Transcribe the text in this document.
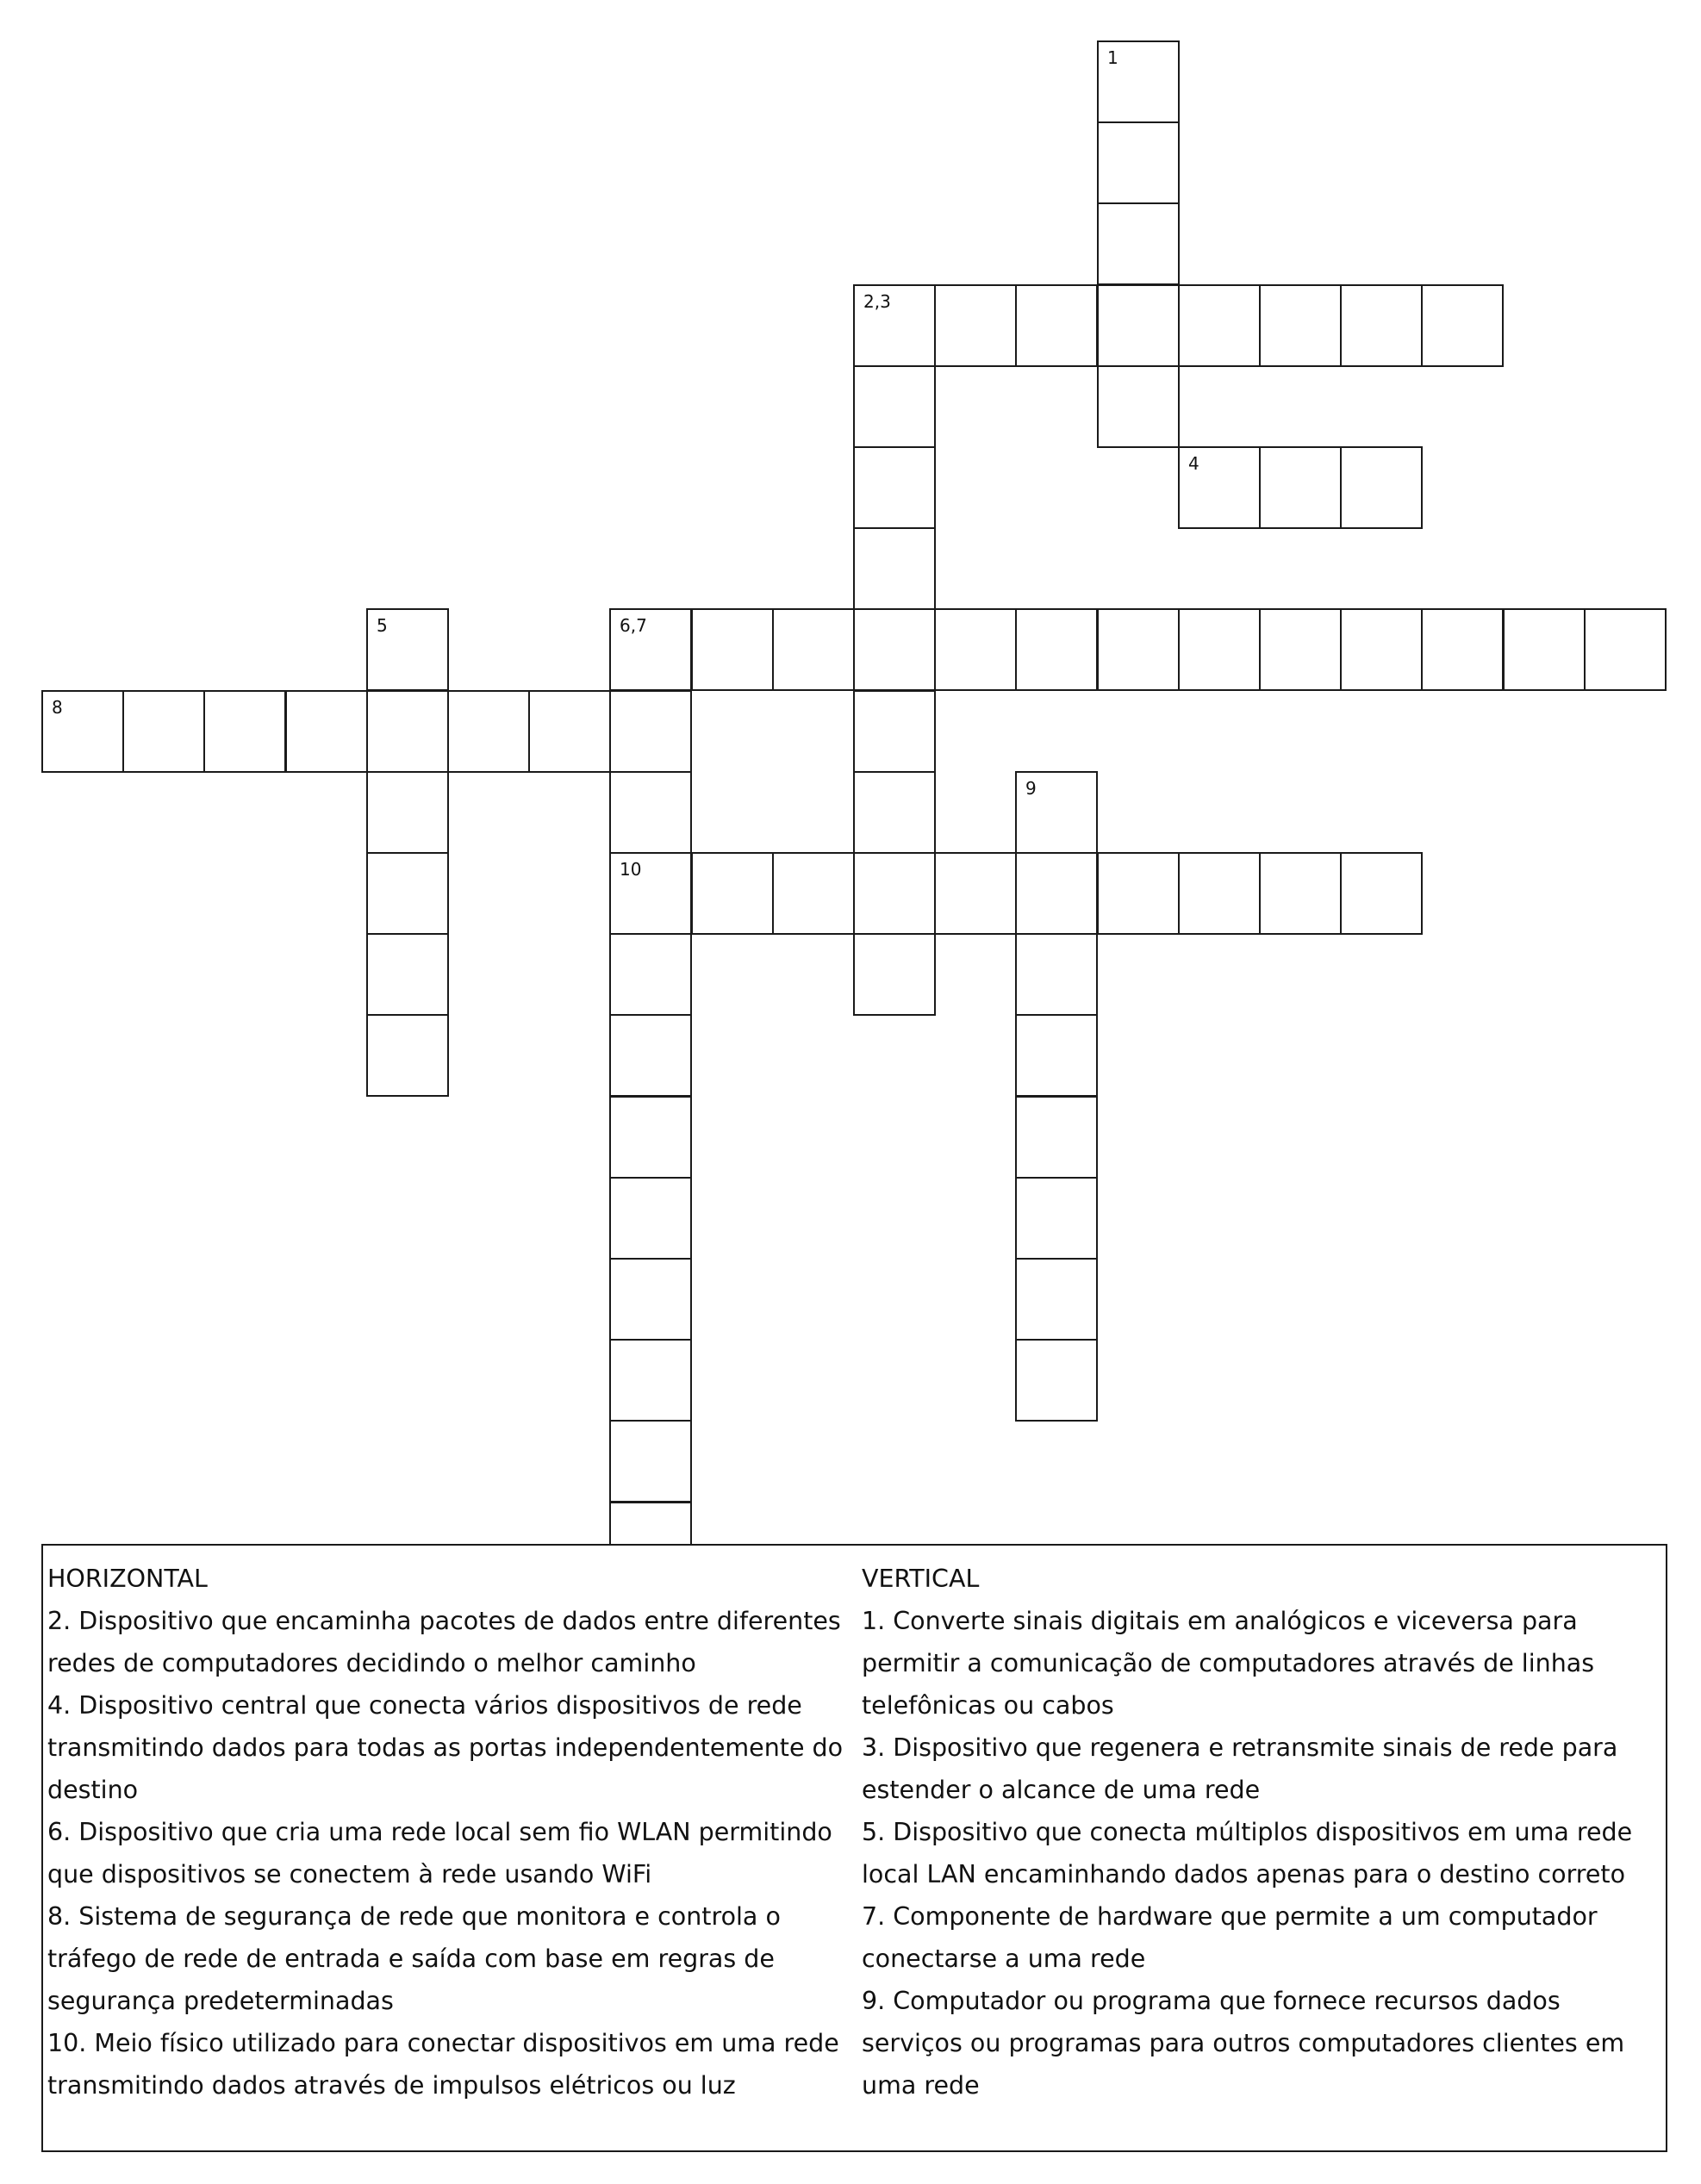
1
2,3
4
5	6,7
8
9
10

HORIZONTAL

2. Dispositivo que encaminha pacotes de dados entre diferentes redes de computadores decidindo o melhor caminho

4. Dispositivo central que conecta vários dispositivos de rede transmitindo dados para todas as portas independentemente do destino

6. Dispositivo que cria uma rede local sem fio WLAN permitindo que dispositivos se conectem à rede usando WiFi

8. Sistema de segurança de rede que monitora e controla o tráfego de rede de entrada e saída com base em regras de segurança predeterminadas

10. Meio físico utilizado para conectar dispositivos em uma rede transmitindo dados através de impulsos elétricos ou luz

VERTICAL

1. Converte sinais digitais em analógicos e viceversa para permitir a comunicação de computadores através de linhas telefônicas ou cabos

3. Dispositivo que regenera e retransmite sinais de rede para estender o alcance de uma rede

5. Dispositivo que conecta múltiplos dispositivos em uma rede local LAN encaminhando dados apenas para o destino correto

7. Componente de hardware que permite a um computador conectarse a uma rede

9. Computador ou programa que fornece recursos dados serviços ou programas para outros computadores clientes em uma rede
